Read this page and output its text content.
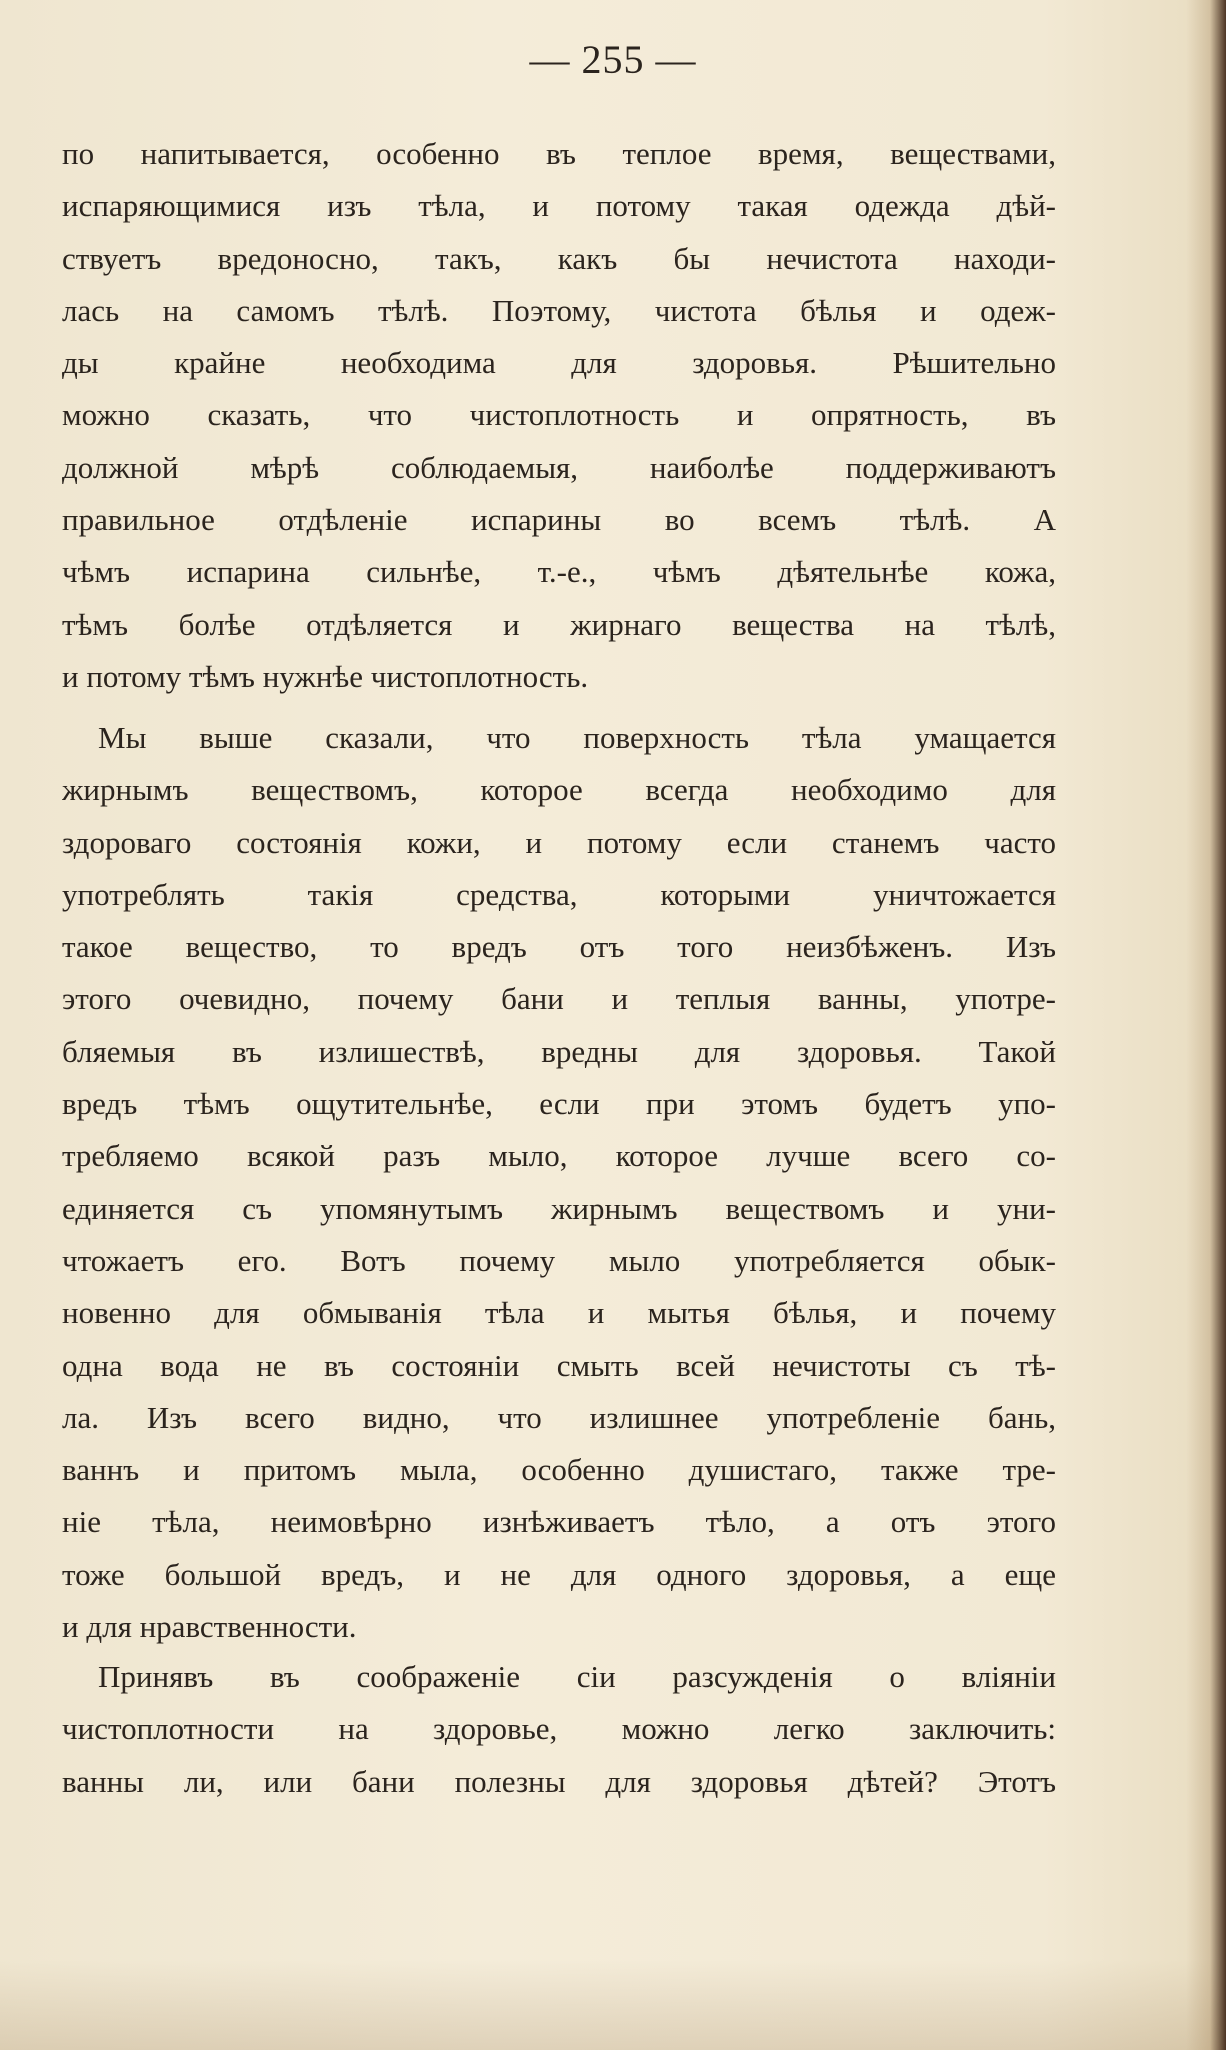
— 255 —
по напитывается, особенно въ теплое время, веществами,
испаряющимися изъ тѣла, и потому такая одежда дѣй-
ствуетъ вредоносно, такъ, какъ бы нечистота находи-
лась на самомъ тѣлѣ. Поэтому, чистота бѣлья и одеж-
ды крайне необходима для здоровья. Рѣшительно
можно сказать, что чистоплотность и опрятность, въ
должной мѣрѣ соблюдаемыя, наиболѣе поддерживаютъ
правильное отдѣленіе испарины во всемъ тѣлѣ. А
чѣмъ испарина сильнѣе, т.-е., чѣмъ дѣятельнѣе кожа,
тѣмъ болѣе отдѣляется и жирнаго вещества на тѣлѣ,
и потому тѣмъ нужнѣе чистоплотность.
Мы выше сказали, что поверхность тѣла умащается
жирнымъ веществомъ, которое всегда необходимо для
здороваго состоянія кожи, и потому если станемъ часто
употреблять такія средства, которыми уничтожается
такое вещество, то вредъ отъ того неизбѣженъ. Изъ
этого очевидно, почему бани и теплыя ванны, употре-
бляемыя въ излишествѣ, вредны для здоровья. Такой
вредъ тѣмъ ощутительнѣе, если при этомъ будетъ упо-
требляемо всякой разъ мыло, которое лучше всего со-
единяется съ упомянутымъ жирнымъ веществомъ и уни-
чтожаетъ его. Вотъ почему мыло употребляется обык-
новенно для обмыванія тѣла и мытья бѣлья, и почему
одна вода не въ состояніи смыть всей нечистоты съ тѣ-
ла. Изъ всего видно, что излишнее употребленіе бань,
ваннъ и притомъ мыла, особенно душистаго, также тре-
ніе тѣла, неимовѣрно изнѣживаетъ тѣло, а отъ этого
тоже большой вредъ, и не для одного здоровья, а еще
и для нравственности.
Принявъ въ соображеніе сіи разсужденія о вліяніи
чистоплотности на здоровье, можно легко заключить:
ванны ли, или бани полезны для здоровья дѣтей? Этотъ
